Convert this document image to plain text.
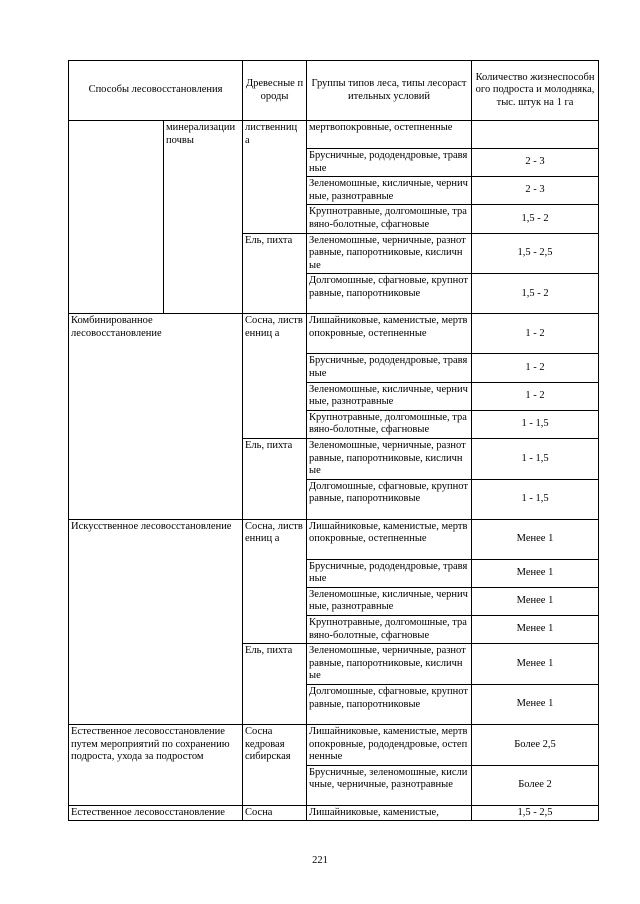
Способы лесовосстановления		Древесные породы	Группы типов леса, типы лесорастительных условий	Количество жизнеспособного подроста и молодняка, тыс. штук на 1 га
	минерализации почвы	лиственниц а	мертвопокровные, остепненные	
			Брусничные, рододендровые, травяные	2 - 3
			Зеленомошные, кисличные, черничные, разнотравные	2 - 3
			Крупнотравные, долгомошные, травяно-болотные, сфагновые	1,5 - 2
		Ель, пихта	Зеленомошные, черничные, разнотравные, папоротниковые, кисличные	1,5 - 2,5
			Долгомошные, сфагновые, крупнотравные, папоротниковые	1,5 - 2
Комбинированное лесовосстановление		Сосна, лиственниц а	Лишайниковые, каменистые, мертвопокровные, остепненные	1 - 2
			Брусничные, рододендровые, травяные	1 - 2
			Зеленомошные, кисличные, черничные, разнотравные	1 - 2
			Крупнотравные, долгомошные, травяно-болотные, сфагновые	1 - 1,5
		Ель, пихта	Зеленомошные, черничные, разнотравные, папоротниковые, кисличные	1 - 1,5
			Долгомошные, сфагновые, крупнотравные, папоротниковые	1 - 1,5
Искусственное лесовосстановление		Сосна, лиственниц а	Лишайниковые, каменистые, мертвопокровные, остепненные	Менее 1
			Брусничные, рододендровые, травяные	Менее 1
			Зеленомошные, кисличные, черничные, разнотравные	Менее 1
			Крупнотравные, долгомошные, травяно-болотные, сфагновые	Менее 1
		Ель, пихта	Зеленомошные, черничные, разнотравные, папоротниковые, кисличные	Менее 1
			Долгомошные, сфагновые, крупнотравные, папоротниковые	Менее 1
Естественное лесовосстановление путем мероприятий по сохранению подроста, ухода за подростом		Сосна кедровая сибирская	Лишайниковые, каменистые, мертвопокровные, рододендровые, остепненные	Более 2,5
			Брусничные, зеленомошные, кисличные, черничные, разнотравные	Более 2
Естественное лесовосстановление		Сосна	Лишайниковые, каменистые,	1,5 - 2,5
221
